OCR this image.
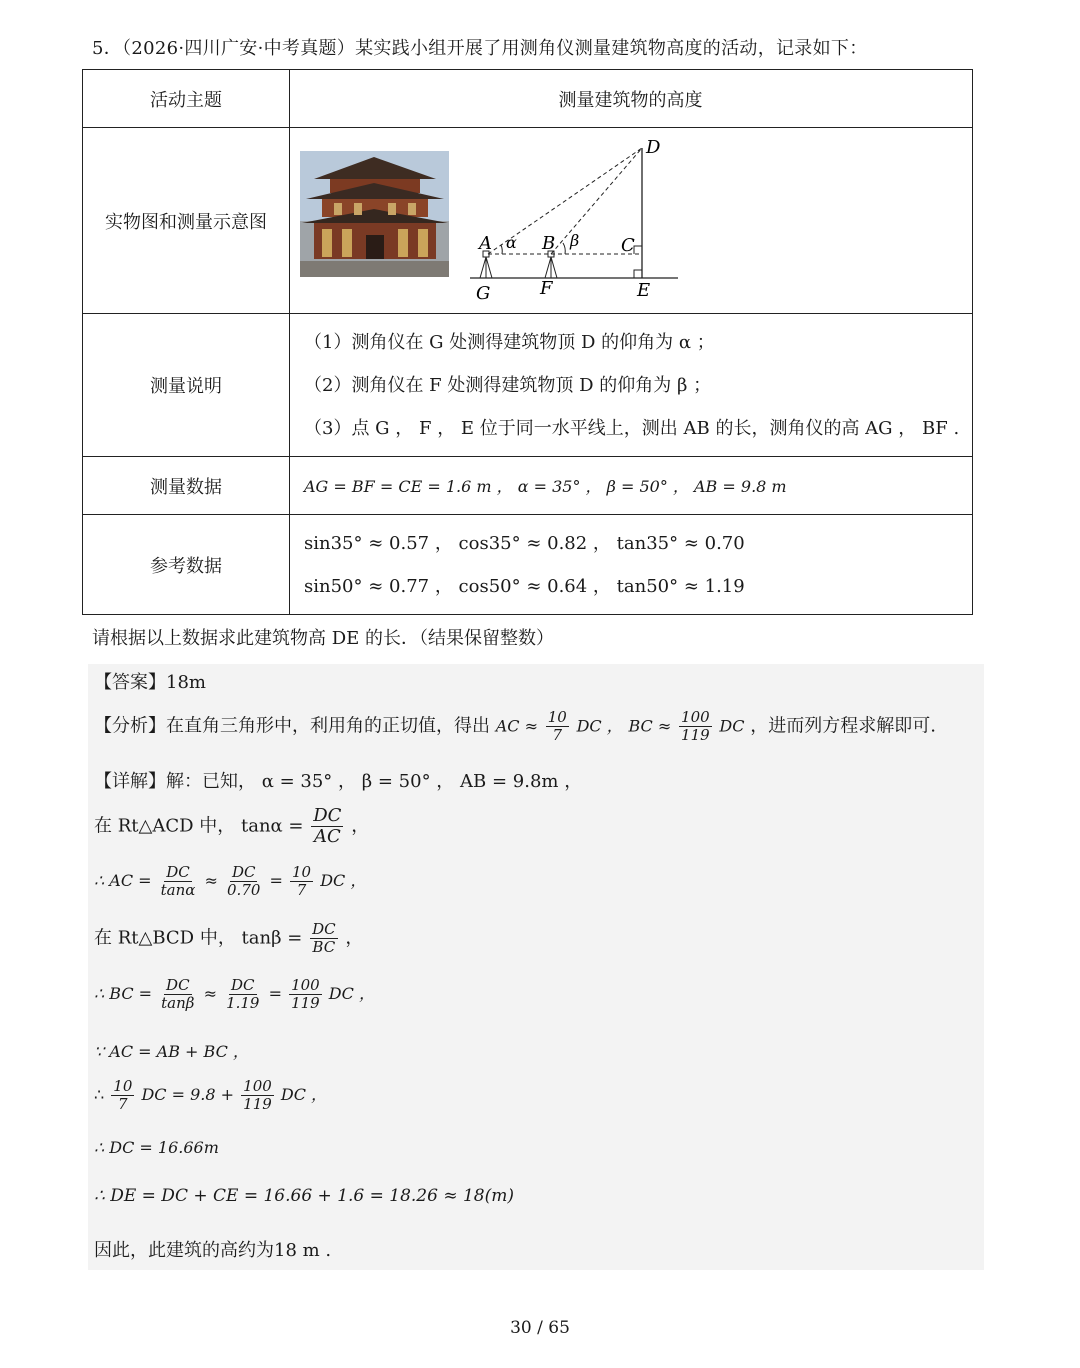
5．（2026·四川广安·中考真题）某实践小组开展了用测角仪测量建筑物高度的活动，记录如下：
活动主题	测量建筑物的高度
实物图和测量示意图	
测量说明	（1）测角仪在 G 处测得建筑物顶 D 的仰角为 α ；
（2）测角仪在 F 处测得建筑物顶 D 的仰角为 β ；
（3）点 G ， F ， E 位于同一水平线上，测出 AB 的长，测角仪的高 AG ， BF .

测量数据	AG = BF = CE = 1.6 m ， α = 35° ， β = 50° ， AB = 9.8 m
参考数据	sin35° ≈ 0.57 ， cos35° ≈ 0.82 ， tan35° ≈ 0.70
sin50° ≈ 0.77 ， cos50° ≈ 0.64 ， tan50° ≈ 1.19
D
A α B β C
G	F	E
请根据以上数据求此建筑物高 DE 的长．（结果保留整数）
【答案】18m
【分析】在直角三角形中，利用角的正切值，得出 AC ≈ $\frac{10}{7}$ DC ， BC ≈ $\frac{100}{119}$ DC ，进而列方程求解即可.
【详解】解：已知， α = 35° ， β = 50° ， AB = 9.8m ，
在 Rt△ACD 中， $\tan\alpha = \frac{DC}{AC}$ ，
∴ AC = $\frac{DC}{\tan\alpha} \approx \frac{DC}{0.70} = \frac{10}{7}$ DC ，
在 Rt△BCD 中， $\tan\beta = \frac{DC}{BC}$ ，
∴ BC = $\frac{DC}{\tan\beta} \approx \frac{DC}{1.19} = \frac{100}{119}$ DC ，
∵ AC = AB + BC ，
∴ $\frac{10}{7}$ DC = $9.8 + \frac{100}{119}$ DC ，
∴ DC = 16.66m
∴ DE = DC + CE = 16.66 + 1.6 = 18.26 ≈ 18(m)
因此，此建筑的高约为18 m .
30 / 65
